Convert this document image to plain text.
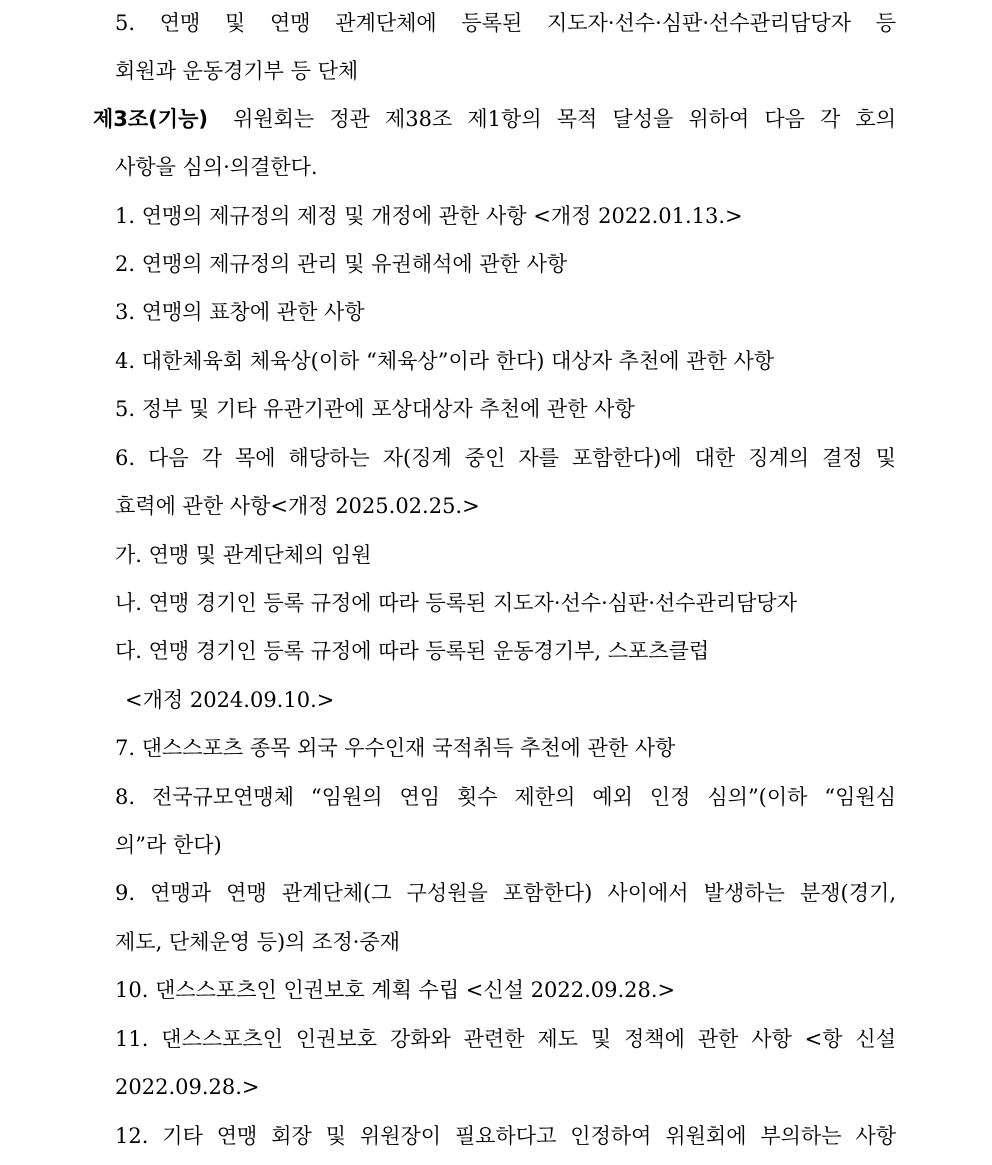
5. 연맹 및 연맹 관계단체에 등록된 지도자·선수·심판·선수관리담당자 등
회원과 운동경기부 등 단체
제3조(기능) 위원회는 정관 제38조 제1항의 목적 달성을 위하여 다음 각 호의
사항을 심의·의결한다.
1. 연맹의 제규정의 제정 및 개정에 관한 사항 <개정 2022.01.13.>
2. 연맹의 제규정의 관리 및 유권해석에 관한 사항
3. 연맹의 표창에 관한 사항
4. 대한체육회 체육상(이하 “체육상”이라 한다) 대상자 추천에 관한 사항
5. 정부 및 기타 유관기관에 포상대상자 추천에 관한 사항
6. 다음 각 목에 해당하는 자(징계 중인 자를 포함한다)에 대한 징계의 결정 및
효력에 관한 사항<개정 2025.02.25.>
가. 연맹 및 관계단체의 임원
나. 연맹 경기인 등록 규정에 따라 등록된 지도자·선수·심판·선수관리담당자
다. 연맹 경기인 등록 규정에 따라 등록된 운동경기부, 스포츠클럽
<개정 2024.09.10.>
7. 댄스스포츠 종목 외국 우수인재 국적취득 추천에 관한 사항
8. 전국규모연맹체 “임원의 연임 횟수 제한의 예외 인정 심의”(이하 “임원심
의”라 한다)
9. 연맹과 연맹 관계단체(그 구성원을 포함한다) 사이에서 발생하는 분쟁(경기,
제도, 단체운영 등)의 조정·중재
10. 댄스스포츠인 인권보호 계획 수립 <신설 2022.09.28.>
11. 댄스스포츠인 인권보호 강화와 관련한 제도 및 정책에 관한 사항 <항 신설
2022.09.28.>
12. 기타 연맹 회장 및 위원장이 필요하다고 인정하여 위원회에 부의하는 사항
